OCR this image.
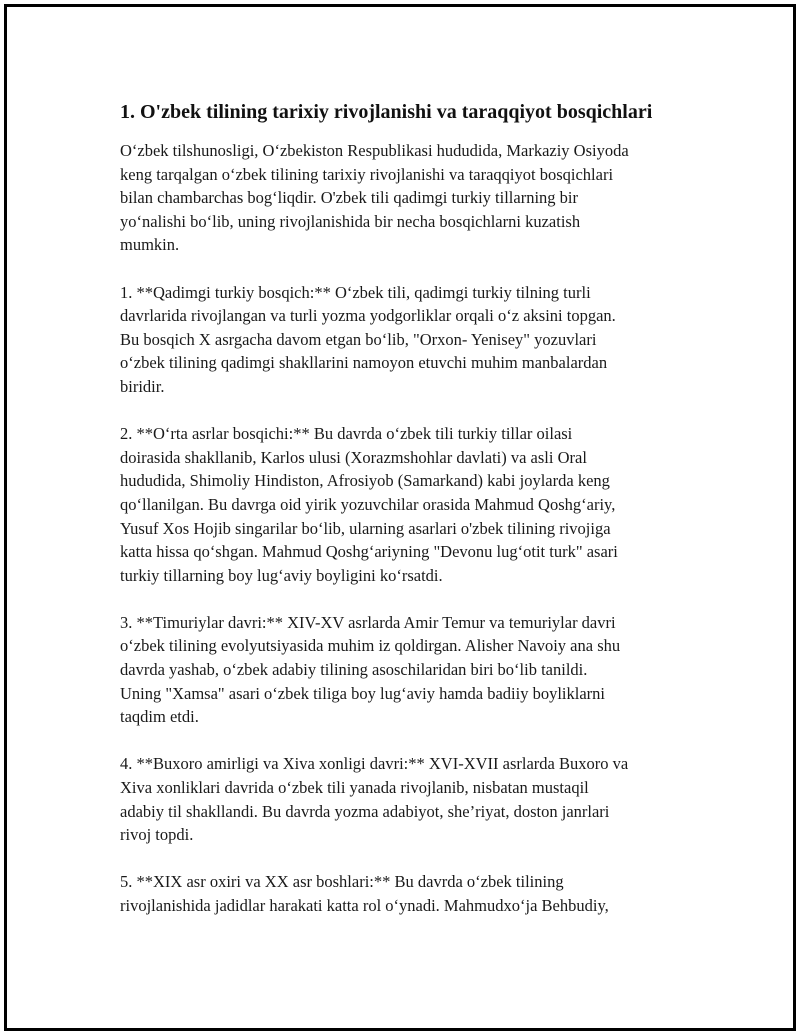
1. O'zbek tilining tarixiy rivojlanishi va taraqqiyot bosqichlari

O‘zbek tilshunosligi, O‘zbekiston Respublikasi hududida, Markaziy Osiyoda
keng tarqalgan o‘zbek tilining tarixiy rivojlanishi va taraqqiyot bosqichlari
bilan chambarchas bog‘liqdir. O'zbek tili qadimgi turkiy tillarning bir
yo‘nalishi bo‘lib, uning rivojlanishida bir necha bosqichlarni kuzatish
mumkin.

1. **Qadimgi turkiy bosqich:** O‘zbek tili, qadimgi turkiy tilning turli
davrlarida rivojlangan va turli yozma yodgorliklar orqali o‘z aksini topgan.
Bu bosqich X asrgacha davom etgan bo‘lib, "Orxon- Yenisey" yozuvlari
o‘zbek tilining qadimgi shakllarini namoyon etuvchi muhim manbalardan
biridir.

2. **O‘rta asrlar bosqichi:** Bu davrda o‘zbek tili turkiy tillar oilasi
doirasida shakllanib, Karlos ulusi (Xorazmshohlar davlati) va asli Oral
hududida, Shimoliy Hindiston, Afrosiyob (Samarkand) kabi joylarda keng
qo‘llanilgan. Bu davrga oid yirik yozuvchilar orasida Mahmud Qoshg‘ariy,
Yusuf Xos Hojib singarilar bo‘lib, ularning asarlari o'zbek tilining rivojiga
katta hissa qo‘shgan. Mahmud Qoshg‘ariyning "Devonu lug‘otit turk" asari
turkiy tillarning boy lug‘aviy boyligini ko‘rsatdi.

3. **Timuriylar davri:** XIV-XV asrlarda Amir Temur va temuriylar davri
o‘zbek tilining evolyutsiyasida muhim iz qoldirgan. Alisher Navoiy ana shu
davrda yashab, o‘zbek adabiy tilining asoschilaridan biri bo‘lib tanildi.
Uning "Xamsa" asari o‘zbek tiliga boy lug‘aviy hamda badiiy boyliklarni
taqdim etdi.

4. **Buxoro amirligi va Xiva xonligi davri:** XVI-XVII asrlarda Buxoro va
Xiva xonliklari davrida o‘zbek tili yanada rivojlanib, nisbatan mustaqil
adabiy til shakllandi. Bu davrda yozma adabiyot, she’riyat, doston janrlari
rivoj topdi.

5. **XIX asr oxiri va XX asr boshlari:** Bu davrda o‘zbek tilining
rivojlanishida jadidlar harakati katta rol o‘ynadi. Mahmudxo‘ja Behbudiy,
